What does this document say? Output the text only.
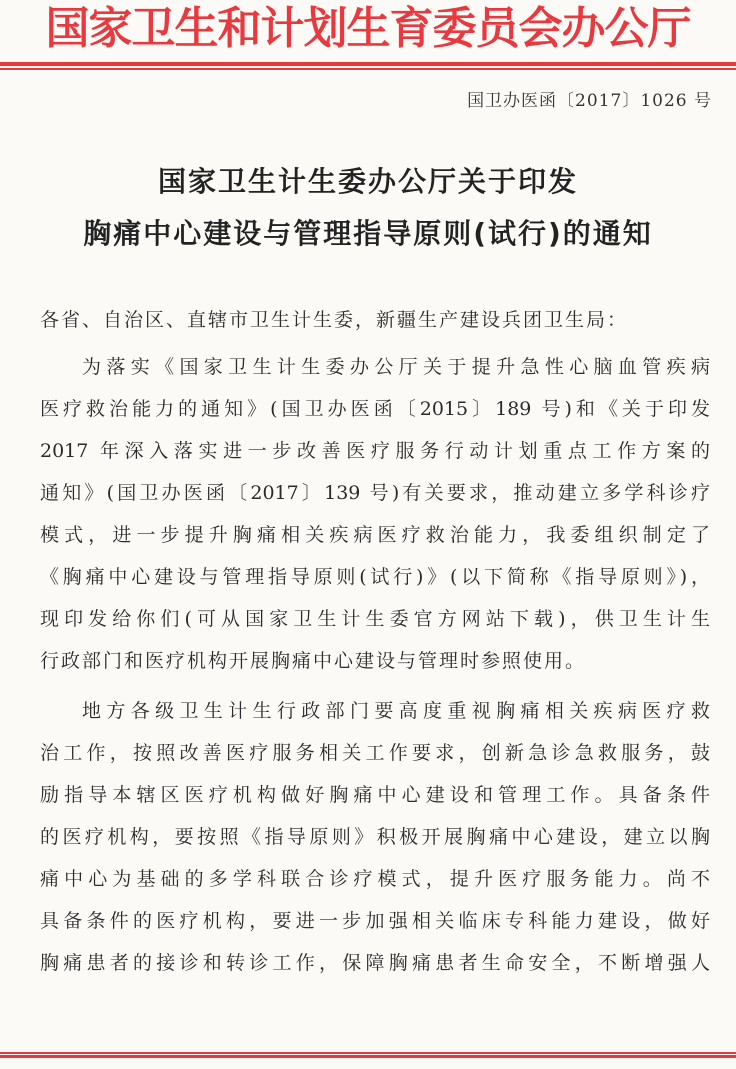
国家卫生和计划生育委员会办公厅
国卫办医函〔2017〕1026 号
国家卫生计生委办公厅关于印发
胸痛中心建设与管理指导原则(试行)的通知
各省、自治区、直辖市卫生计生委，新疆生产建设兵团卫生局：
为落实《国家卫生计生委办公厅关于提升急性心脑血管疾病
医疗救治能力的通知》(国卫办医函〔2015〕189 号)和《关于印发
2017 年深入落实进一步改善医疗服务行动计划重点工作方案的
通知》(国卫办医函〔2017〕139 号)有关要求，推动建立多学科诊疗
模式，进一步提升胸痛相关疾病医疗救治能力，我委组织制定了
《胸痛中心建设与管理指导原则(试行)》(以下简称《指导原则》)，
现印发给你们(可从国家卫生计生委官方网站下载)，供卫生计生
行政部门和医疗机构开展胸痛中心建设与管理时参照使用。
地方各级卫生计生行政部门要高度重视胸痛相关疾病医疗救
治工作，按照改善医疗服务相关工作要求，创新急诊急救服务，鼓
励指导本辖区医疗机构做好胸痛中心建设和管理工作。具备条件
的医疗机构，要按照《指导原则》积极开展胸痛中心建设，建立以胸
痛中心为基础的多学科联合诊疗模式，提升医疗服务能力。尚不
具备条件的医疗机构，要进一步加强相关临床专科能力建设，做好
胸痛患者的接诊和转诊工作，保障胸痛患者生命安全，不断增强人
